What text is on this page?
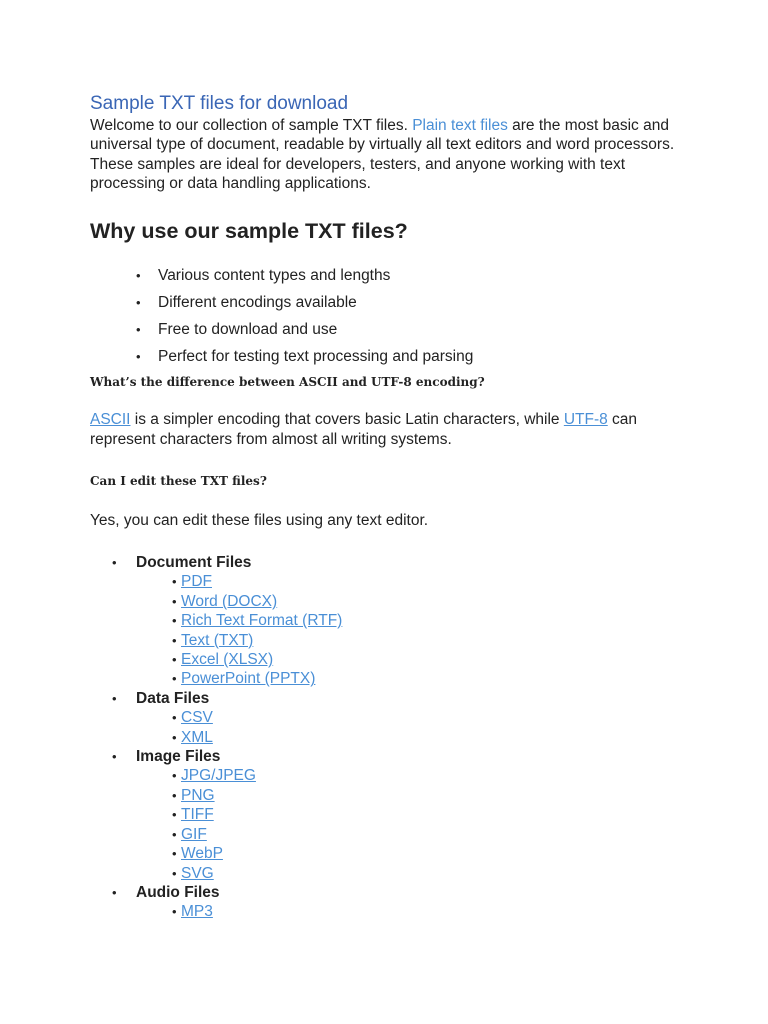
Sample TXT files for download

Welcome to our collection of sample TXT files. Plain text files are the most basic and universal type of document, readable by virtually all text editors and word processors. These samples are ideal for developers, testers, and anyone working with text processing or data handling applications.

Why use our sample TXT files?
• Various content types and lengths
• Different encodings available
• Free to download and use
• Perfect for testing text processing and parsing
What’s the difference between ASCII and UTF-8 encoding?

ASCII is a simpler encoding that covers basic Latin characters, while UTF-8 can represent characters from almost all writing systems.

Can I edit these TXT files?

Yes, you can edit these files using any text editor.

• Document Files
• PDF
• Word (DOCX)
• Rich Text Format (RTF)
• Text (TXT)
• Excel (XLSX)
• PowerPoint (PPTX)
• Data Files
• CSV
• XML
• Image Files
• JPG/JPEG
• PNG
• TIFF
• GIF
• WebP
• SVG
• Audio Files
• MP3
